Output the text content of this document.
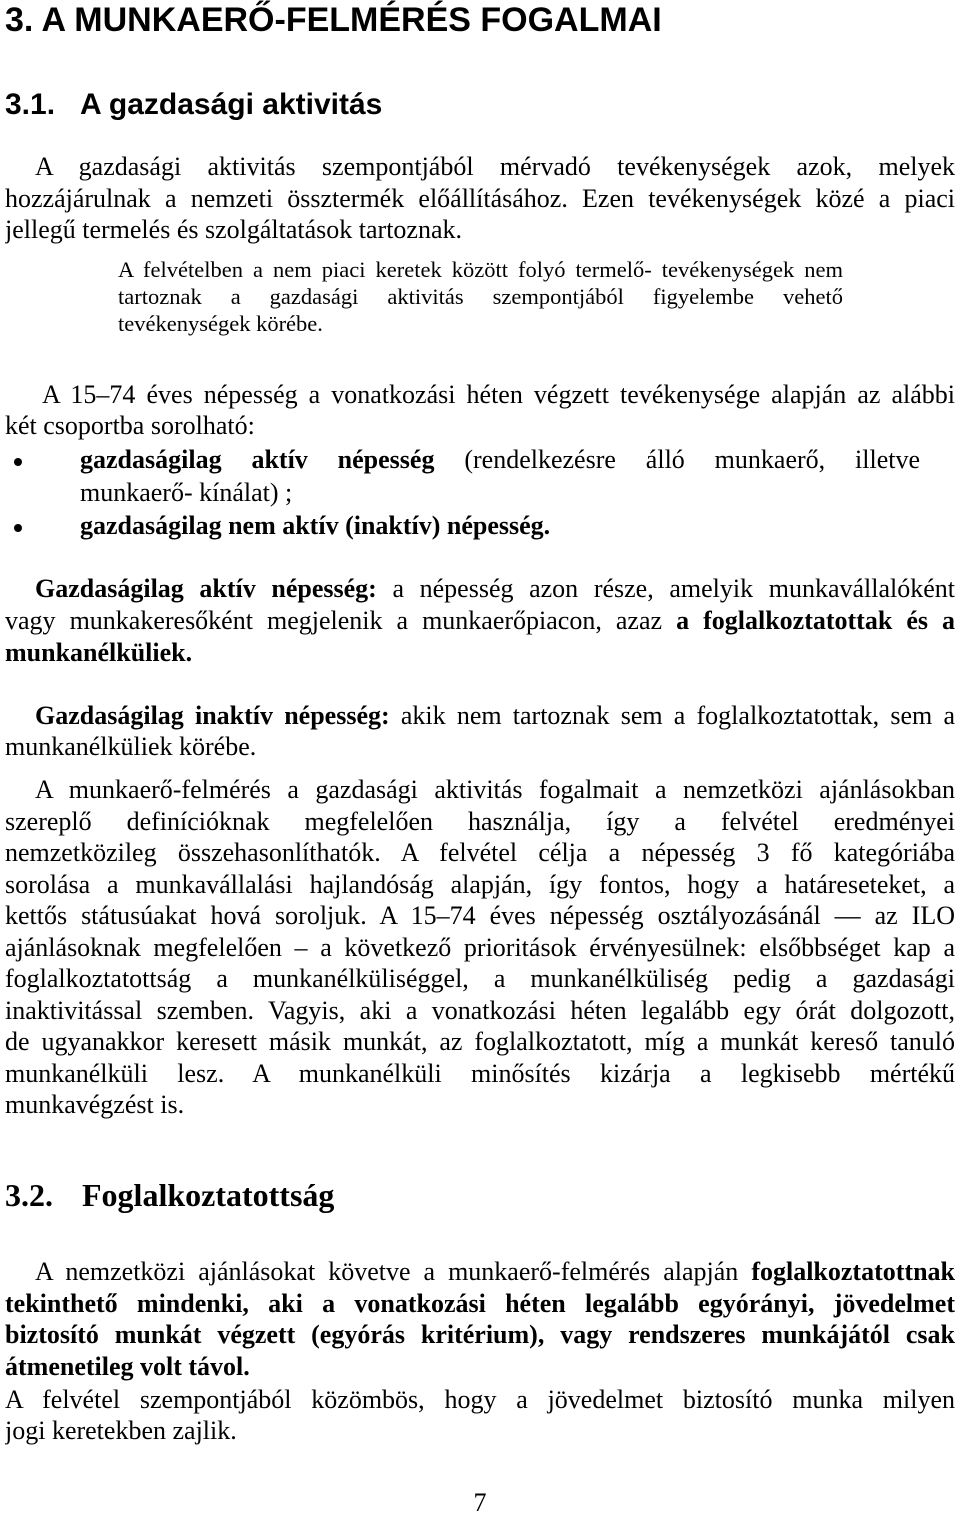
3. A MUNKAERŐ-FELMÉRÉS FOGALMAI
3.1. A gazdasági aktivitás
A gazdasági aktivitás szempontjából mérvadó tevékenységek azok, melyek
hozzájárulnak a nemzeti össztermék előállításához. Ezen tevékenységek közé a piaci
jellegű termelés és szolgáltatások tartoznak.
A felvételben a nem piaci keretek között folyó termelő- tevékenységek nem
tartoznak a gazdasági aktivitás szempontjából figyelembe vehető
tevékenységek körébe.
A 15–74 éves népesség a vonatkozási héten végzett tevékenysége alapján az alábbi
két csoportba sorolható:
gazdaságilag aktív népesség (rendelkezésre álló munkaerő, illetve
munkaerő- kínálat) ;
gazdaságilag nem aktív (inaktív) népesség.
Gazdaságilag aktív népesség: a népesség azon része, amelyik munkavállalóként
vagy munkakeresőként megjelenik a munkaerőpiacon, azaz a foglalkoztatottak és a
munkanélküliek.
Gazdaságilag inaktív népesség: akik nem tartoznak sem a foglalkoztatottak, sem a
munkanélküliek körébe.
A munkaerő-felmérés a gazdasági aktivitás fogalmait a nemzetközi ajánlásokban
szereplő definícióknak megfelelően használja, így a felvétel eredményei
nemzetközileg összehasonlíthatók. A felvétel célja a népesség 3 fő kategóriába
sorolása a munkavállalási hajlandóság alapján, így fontos, hogy a határeseteket, a
kettős státusúakat hová soroljuk. A 15–74 éves népesség osztályozásánál — az ILO
ajánlásoknak megfelelően – a következő prioritások érvényesülnek: elsőbbséget kap a
foglalkoztatottság a munkanélküliséggel, a munkanélküliség pedig a gazdasági
inaktivitással szemben. Vagyis, aki a vonatkozási héten legalább egy órát dolgozott,
de ugyanakkor keresett másik munkát, az foglalkoztatott, míg a munkát kereső tanuló
munkanélküli lesz. A munkanélküli minősítés kizárja a legkisebb mértékű
munkavégzést is.
3.2. Foglalkoztatottság
A nemzetközi ajánlásokat követve a munkaerő-felmérés alapján foglalkoztatottnak
tekinthető mindenki, aki a vonatkozási héten legalább egyórányi, jövedelmet
biztosító munkát végzett (egyórás kritérium), vagy rendszeres munkájától csak
átmenetileg volt távol.
A felvétel szempontjából közömbös, hogy a jövedelmet biztosító munka milyen
jogi keretekben zajlik.
7
